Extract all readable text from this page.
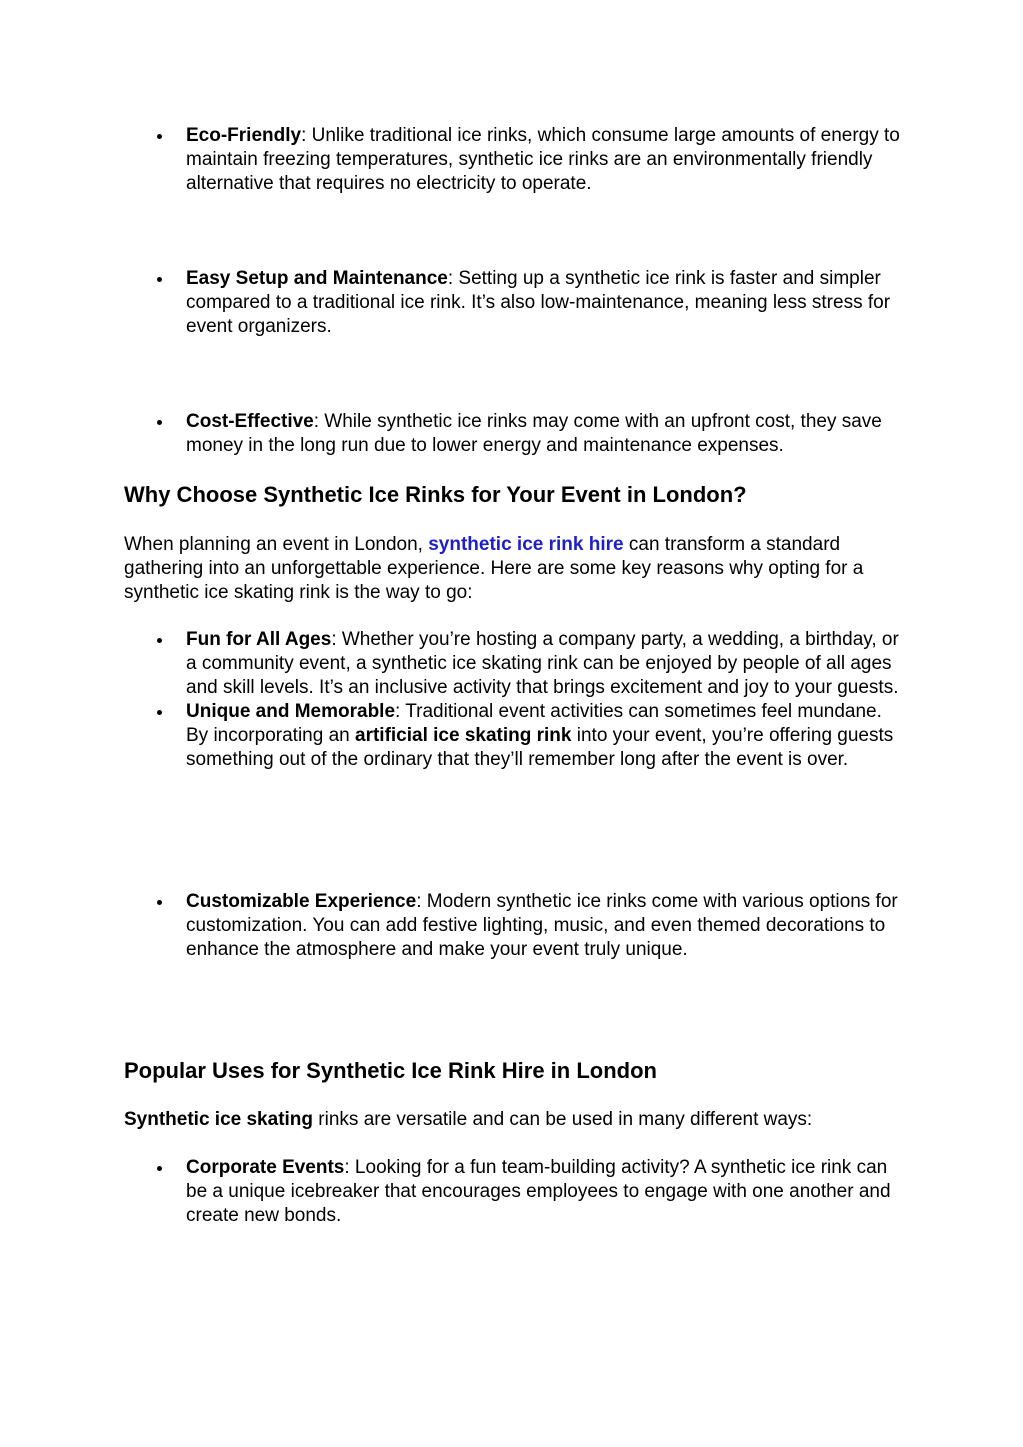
Eco-Friendly: Unlike traditional ice rinks, which consume large amounts of energy to maintain freezing temperatures, synthetic ice rinks are an environmentally friendly alternative that requires no electricity to operate.
Easy Setup and Maintenance: Setting up a synthetic ice rink is faster and simpler compared to a traditional ice rink. It’s also low-maintenance, meaning less stress for event organizers.
Cost-Effective: While synthetic ice rinks may come with an upfront cost, they save money in the long run due to lower energy and maintenance expenses.
Why Choose Synthetic Ice Rinks for Your Event in London?

When planning an event in London, synthetic ice rink hire can transform a standard gathering into an unforgettable experience. Here are some key reasons why opting for a synthetic ice skating rink is the way to go:

Fun for All Ages: Whether you’re hosting a company party, a wedding, a birthday, or a community event, a synthetic ice skating rink can be enjoyed by people of all ages and skill levels. It’s an inclusive activity that brings excitement and joy to your guests.
Unique and Memorable: Traditional event activities can sometimes feel mundane. By incorporating an artificial ice skating rink into your event, you’re offering guests something out of the ordinary that they’ll remember long after the event is over.
Customizable Experience: Modern synthetic ice rinks come with various options for customization. You can add festive lighting, music, and even themed decorations to enhance the atmosphere and make your event truly unique.
Popular Uses for Synthetic Ice Rink Hire in London

Synthetic ice skating rinks are versatile and can be used in many different ways:

Corporate Events: Looking for a fun team-building activity? A synthetic ice rink can be a unique icebreaker that encourages employees to engage with one another and create new bonds.
